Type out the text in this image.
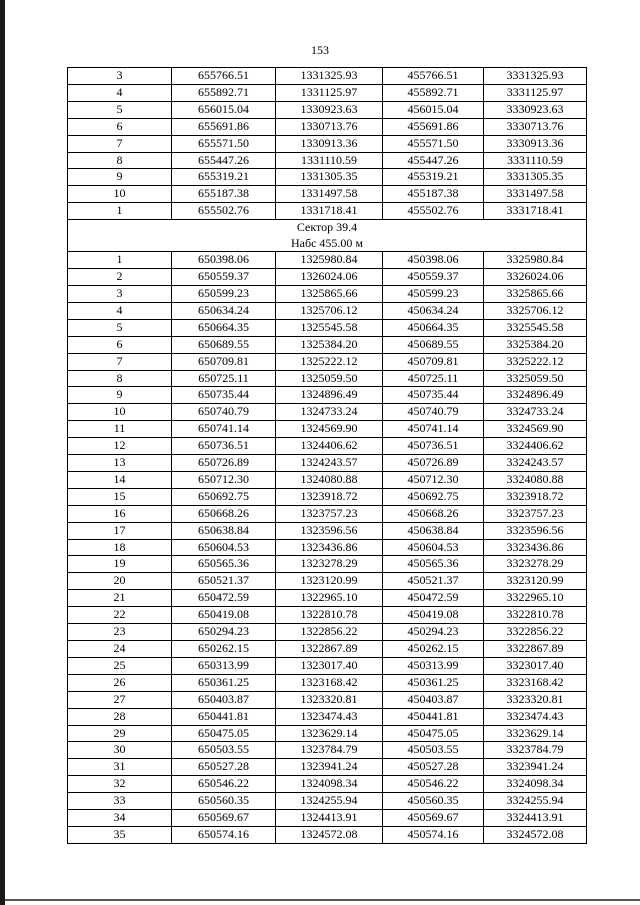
153
3	655766.51	1331325.93	455766.51	3331325.93
4	655892.71	1331125.97	455892.71	3331125.97
5	656015.04	1330923.63	456015.04	3330923.63
6	655691.86	1330713.76	455691.86	3330713.76
7	655571.50	1330913.36	455571.50	3330913.36
8	655447.26	1331110.59	455447.26	3331110.59
9	655319.21	1331305.35	455319.21	3331305.35
10	655187.38	1331497.58	455187.38	3331497.58
1	655502.76	1331718.41	455502.76	3331718.41

Сектор 39.4
Набс 455.00 м				

1	650398.06	1325980.84	450398.06	3325980.84
2	650559.37	1326024.06	450559.37	3326024.06
3	650599.23	1325865.66	450599.23	3325865.66
4	650634.24	1325706.12	450634.24	3325706.12
5	650664.35	1325545.58	450664.35	3325545.58
6	650689.55	1325384.20	450689.55	3325384.20
7	650709.81	1325222.12	450709.81	3325222.12
8	650725.11	1325059.50	450725.11	3325059.50
9	650735.44	1324896.49	450735.44	3324896.49
10	650740.79	1324733.24	450740.79	3324733.24
11	650741.14	1324569.90	450741.14	3324569.90
12	650736.51	1324406.62	450736.51	3324406.62
13	650726.89	1324243.57	450726.89	3324243.57
14	650712.30	1324080.88	450712.30	3324080.88
15	650692.75	1323918.72	450692.75	3323918.72
16	650668.26	1323757.23	450668.26	3323757.23
17	650638.84	1323596.56	450638.84	3323596.56
18	650604.53	1323436.86	450604.53	3323436.86
19	650565.36	1323278.29	450565.36	3323278.29
20	650521.37	1323120.99	450521.37	3323120.99
21	650472.59	1322965.10	450472.59	3322965.10
22	650419.08	1322810.78	450419.08	3322810.78
23	650294.23	1322856.22	450294.23	3322856.22
24	650262.15	1322867.89	450262.15	3322867.89
25	650313.99	1323017.40	450313.99	3323017.40
26	650361.25	1323168.42	450361.25	3323168.42
27	650403.87	1323320.81	450403.87	3323320.81
28	650441.81	1323474.43	450441.81	3323474.43
29	650475.05	1323629.14	450475.05	3323629.14
30	650503.55	1323784.79	450503.55	3323784.79
31	650527.28	1323941.24	450527.28	3323941.24
32	650546.22	1324098.34	450546.22	3324098.34
33	650560.35	1324255.94	450560.35	3324255.94
34	650569.67	1324413.91	450569.67	3324413.91
35	650574.16	1324572.08	450574.16	3324572.08
